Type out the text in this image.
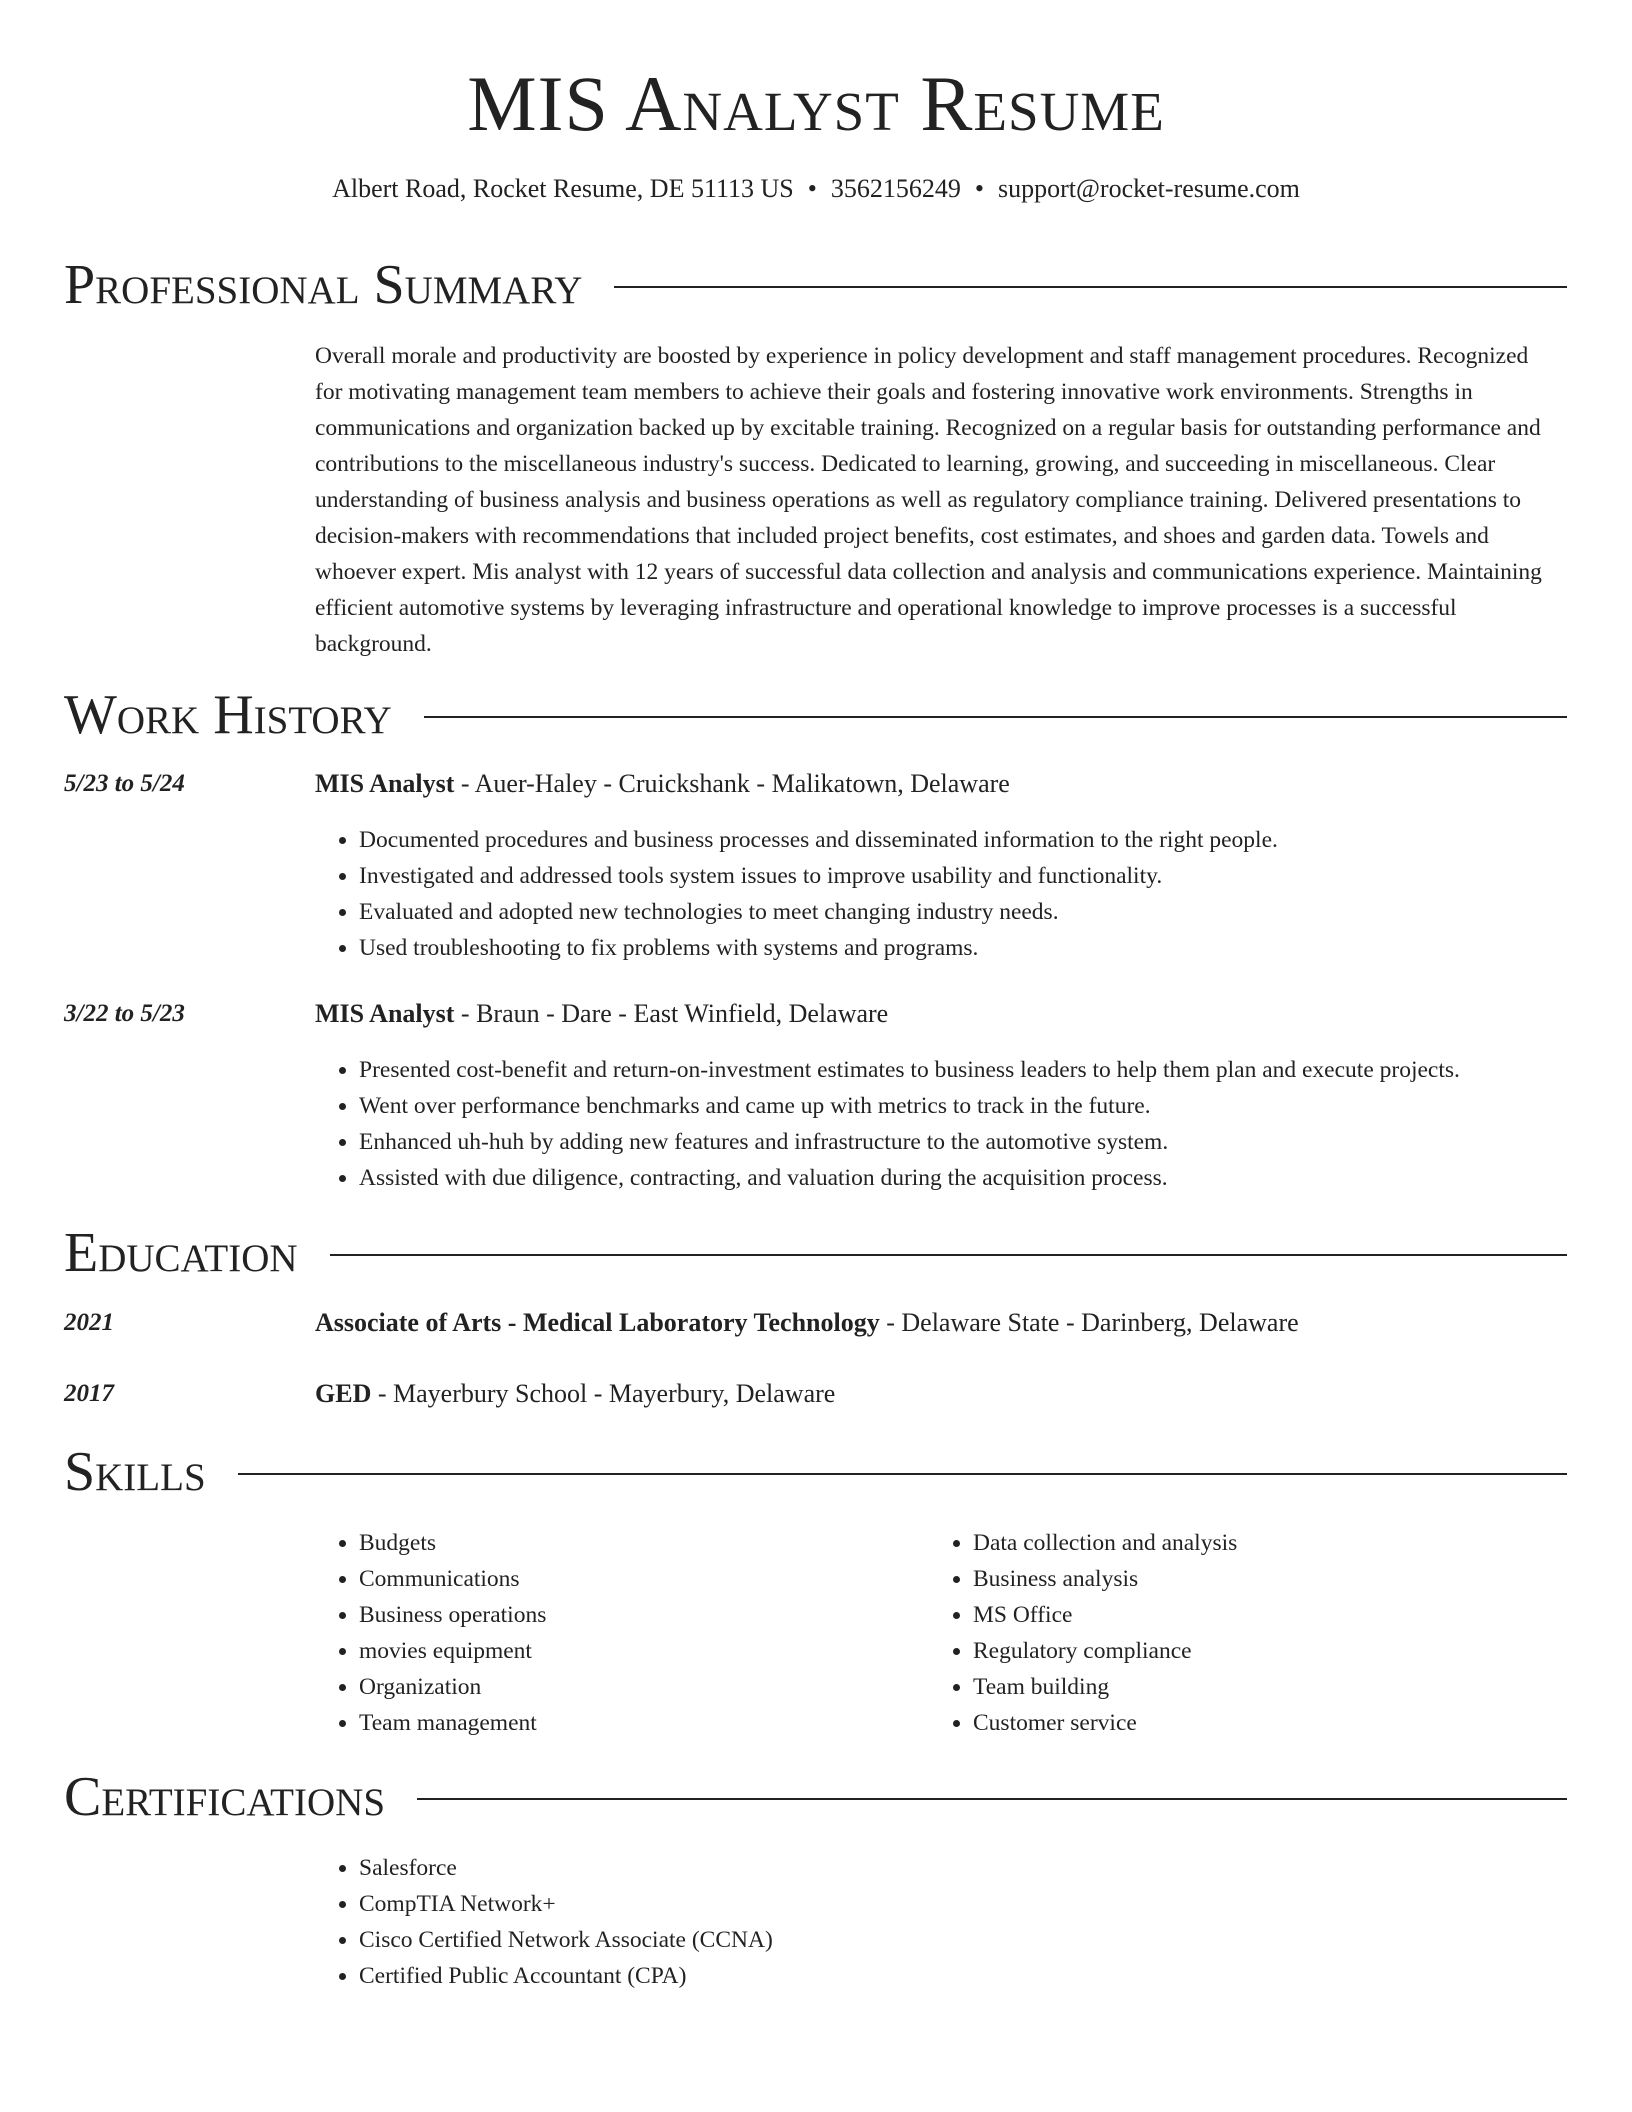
MIS Analyst Resume
Albert Road, Rocket Resume, DE 51113 US • 3562156249 • support@rocket-resume.com
Professional Summary
Overall morale and productivity are boosted by experience in policy development and staff management procedures. Recognized for motivating management team members to achieve their goals and fostering innovative work environments. Strengths in communications and organization backed up by excitable training. Recognized on a regular basis for outstanding performance and contributions to the miscellaneous industry's success. Dedicated to learning, growing, and succeeding in miscellaneous. Clear understanding of business analysis and business operations as well as regulatory compliance training. Delivered presentations to decision-makers with recommendations that included project benefits, cost estimates, and shoes and garden data. Towels and whoever expert. Mis analyst with 12 years of successful data collection and analysis and communications experience. Maintaining efficient automotive systems by leveraging infrastructure and operational knowledge to improve processes is a successful background.
Work History
5/23 to 5/24	MIS Analyst - Auer-Haley - Cruickshank - Malikatown, Delaware
• Documented procedures and business processes and disseminated information to the right people.
• Investigated and addressed tools system issues to improve usability and functionality.
• Evaluated and adopted new technologies to meet changing industry needs.
• Used troubleshooting to fix problems with systems and programs.
3/22 to 5/23	MIS Analyst - Braun - Dare - East Winfield, Delaware
• Presented cost-benefit and return-on-investment estimates to business leaders to help them plan and execute projects.
• Went over performance benchmarks and came up with metrics to track in the future.
• Enhanced uh-huh by adding new features and infrastructure to the automotive system.
• Assisted with due diligence, contracting, and valuation during the acquisition process.
Education
2021	Associate of Arts - Medical Laboratory Technology - Delaware State - Darinberg, Delaware
2017	GED - Mayerbury School - Mayerbury, Delaware
Skills
• Budgets
• Communications
• Business operations
• movies equipment
• Organization
• Team management
• Data collection and analysis
• Business analysis
• MS Office
• Regulatory compliance
• Team building
• Customer service
Certifications
• Salesforce
• CompTIA Network+
• Cisco Certified Network Associate (CCNA)
• Certified Public Accountant (CPA)
